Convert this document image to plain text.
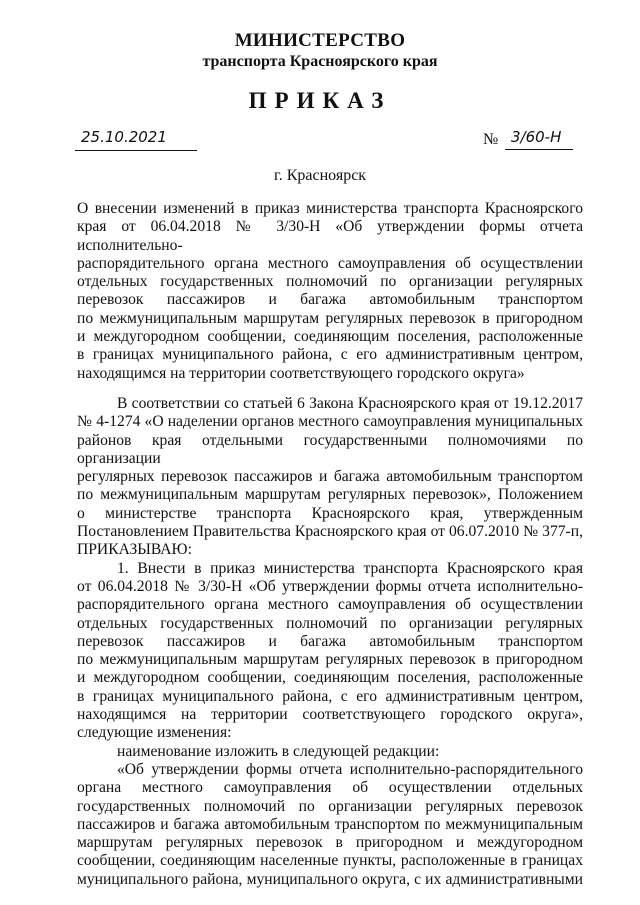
МИНИСТЕРСТВО
транспорта Красноярского края
ПРИКАЗ
25.10.2021	№ 3/60-Н
г. Красноярск
О внесении изменений в приказ министерства транспорта Красноярского
края от 06.04.2018 № 3/30-Н «Об утверждении формы отчета исполнительно-
распорядительного органа местного самоуправления об осуществлении
отдельных государственных полномочий по организации регулярных
перевозок пассажиров и багажа автомобильным транспортом
по межмуниципальным маршрутам регулярных перевозок в пригородном
и междугородном сообщении, соединяющим поселения, расположенные
в границах муниципального района, с его административным центром,
находящимся на территории соответствующего городского округа»
В соответствии со статьей 6 Закона Красноярского края от 19.12.2017
№ 4-1274 «О наделении органов местного самоуправления муниципальных
районов края отдельными государственными полномочиями по организации
регулярных перевозок пассажиров и багажа автомобильным транспортом
по межмуниципальным маршрутам регулярных перевозок», Положением
о министерстве транспорта Красноярского края, утвержденным
Постановлением Правительства Красноярского края от 06.07.2010 № 377-п,
ПРИКАЗЫВАЮ:
1. Внести в приказ министерства транспорта Красноярского края
от 06.04.2018 № 3/30-Н «Об утверждении формы отчета исполнительно-
распорядительного органа местного самоуправления об осуществлении
отдельных государственных полномочий по организации регулярных
перевозок пассажиров и багажа автомобильным транспортом
по межмуниципальным маршрутам регулярных перевозок в пригородном
и междугородном сообщении, соединяющим поселения, расположенные
в границах муниципального района, с его административным центром,
находящимся на территории соответствующего городского округа»,
следующие изменения:
наименование изложить в следующей редакции:
«Об утверждении формы отчета исполнительно-распорядительного
органа местного самоуправления об осуществлении отдельных
государственных полномочий по организации регулярных перевозок
пассажиров и багажа автомобильным транспортом по межмуниципальным
маршрутам регулярных перевозок в пригородном и междугородном
сообщении, соединяющим населенные пункты, расположенные в границах
муниципального района, муниципального округа, с их административными
